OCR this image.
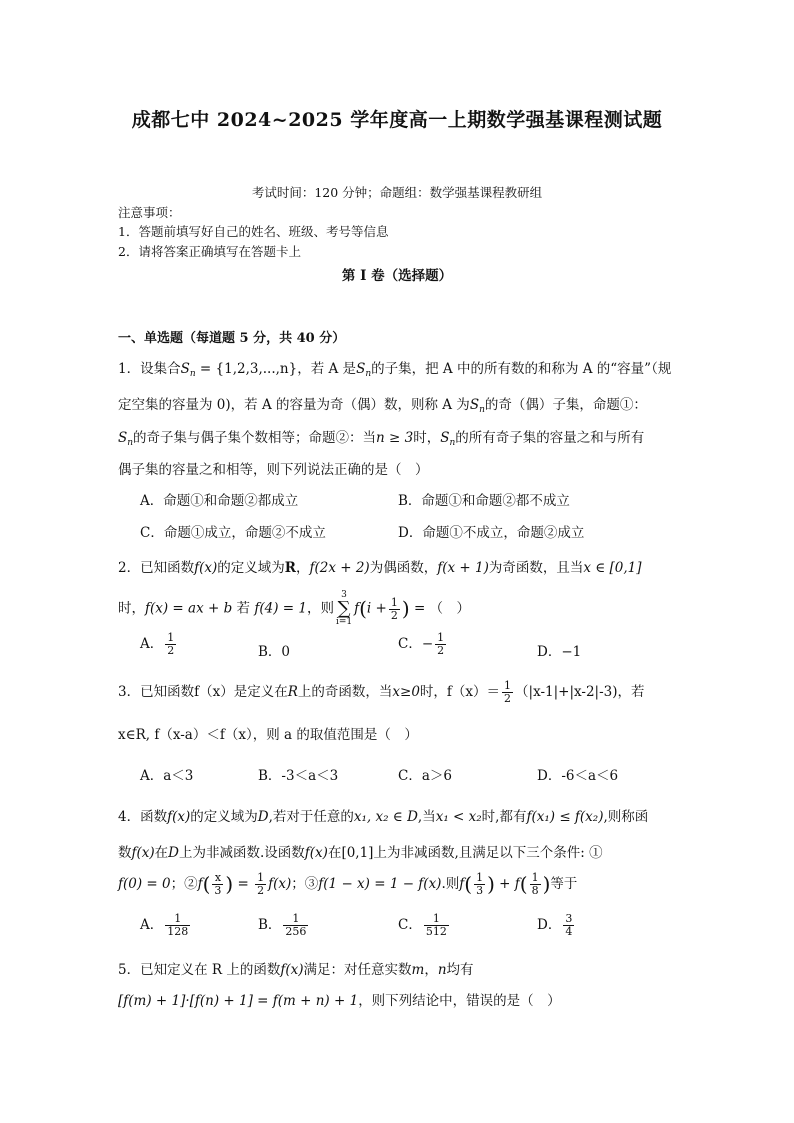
成都七中 2024~2025 学年度高一上期数学强基课程测试题
考试时间：120 分钟；命题组：数学强基课程教研组
注意事项：
1．答题前填写好自己的姓名、班级、考号等信息
2．请将答案正确填写在答题卡上
第 I 卷（选择题）
一、单选题（每道题 5 分，共 40 分）
1．设集合$S_n = \{1,2,3,...,n\}$，若 A 是$S_n$的子集，把 A 中的所有数的和称为 A 的“容量”（规
定空集的容量为 0)，若 A 的容量为奇（偶）数，则称 A 为$S_n$的奇（偶）子集，命题①：
$S_n$的奇子集与偶子集个数相等；命题②：当n ≥ 3时，$S_n$的所有奇子集的容量之和与所有
偶子集的容量之和相等，则下列说法正确的是（　）
A．命题①和命题②都成立	B．命题①和命题②都不成立
C．命题①成立，命题②不成立	D．命题①不成立，命题②成立
2．已知函数f(x)的定义域为R，f(2x + 2)为偶函数，f(x + 1)为奇函数，且当x ∈ [0,1]
时，f(x) = ax + b 若 f(4) = 1，则3
∑
$i=1f(i + \frac{1}{2}$ ) = （　）
A． $\frac{1}{2}$	B．0	C．− $\frac{1}{2}$	D．−1
3．已知函数f（x）是定义在R上的奇函数，当x≥0时，$f(x)= \frac{1}{2} (|x-1|+|x-2|-3)$，若
x∈R, f（x-a）＜f（x），则 a 的取值范围是（　）
A．a＜3	B．-3＜a＜3	C．a＞6	D．-6＜a＜6
4．函数f(x)的定义域为D,若对于任意的x₁, x₂ ∈ D,当x₁ < x₂时,都有f(x₁) ≤ f(x₂),则称函
数f(x)在D上为非减函数.设函数f(x)在[0,1]上为非减函数,且满足以下三个条件: ①
f(0) = 0；②f( $\frac{x}{3}$ ) = $\frac{1}{2} f(x)$；③f(1 − x) = 1 − f(x).则$f( \frac{1}{3}$ ) + $f( \frac{1}{8}$ )等于
A． $\frac{1}{128}$	B． $\frac{1}{256}$	C． $\frac{1}{512}$	D． $\frac{3}{4}$
5．已知定义在 R 上的函数f(x)满足：对任意实数m，n均有
[f(m) + 1]·[f(n) + 1] = f(m + n) + 1，则下列结论中，错误的是（　）
